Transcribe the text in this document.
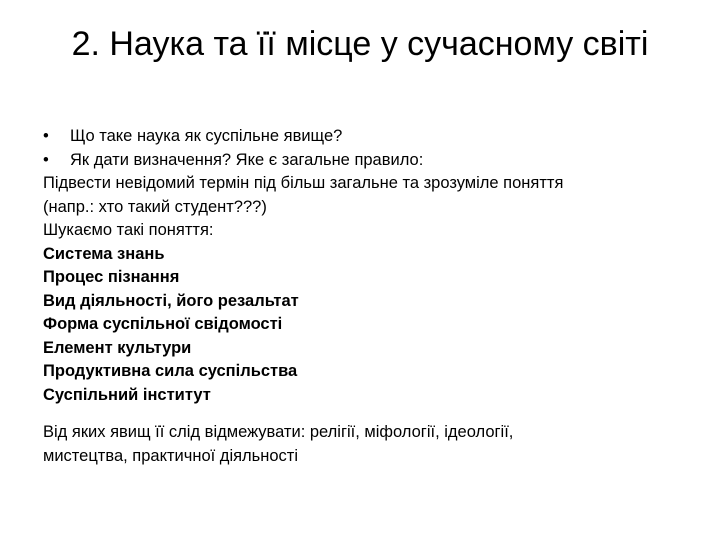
2. Наука та її місце у сучасному світі
• Що таке наука як суспільне явище?
• Як дати визначення? Яке є загальне правило:
Підвести невідомий термін під більш загальне та зрозуміле поняття
(напр.: хто такий студент???)
Шукаємо такі поняття:
Система знань
Процес пізнання
Вид діяльності, його резальтат
Форма суспільної свідомості
Елемент культури
Продуктивна сила суспільства
Суспільний інститут
Від яких явищ її слід відмежувати: релігії, міфології, ідеології,
мистецтва, практичної діяльності
